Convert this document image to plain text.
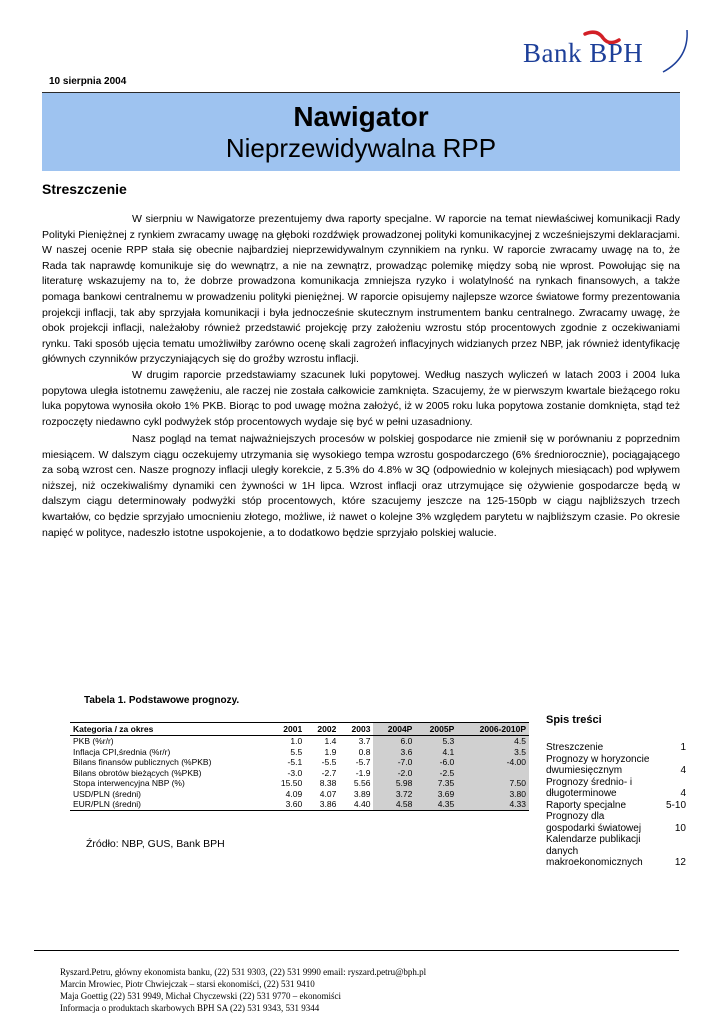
Bank BPH
10 sierpnia 2004
Nawigator
Nieprzewidywalna RPP
Streszczenie

W sierpniu w Nawigatorze prezentujemy dwa raporty specjalne. W raporcie na temat niewłaściwej komunikacji Rady Polityki Pieniężnej z rynkiem zwracamy uwagę na głęboki rozdźwięk prowadzonej polityki komunikacyjnej z wcześniejszymi deklaracjami. W naszej ocenie RPP stała się obecnie najbardziej nieprzewidywalnym czynnikiem na rynku. W raporcie zwracamy uwagę na to, że Rada tak naprawdę komunikuje się do wewnątrz, a nie na zewnątrz, prowadząc polemikę między sobą nie wprost. Powołując się na literaturę wskazujemy na to, że dobrze prowadzona komunikacja zmniejsza ryzyko i wolatylność na rynkach finansowych, a także pomaga bankowi centralnemu w prowadzeniu polityki pieniężnej. W raporcie opisujemy najlepsze wzorce światowe formy prezentowania projekcji inflacji, tak aby sprzyjała komunikacji i była jednocześnie skutecznym instrumentem banku centralnego. Zwracamy uwagę, że obok projekcji inflacji, należałoby również przedstawić projekcję przy założeniu wzrostu stóp procentowych zgodnie z oczekiwaniami rynku. Taki sposób ujęcia tematu umożliwiłby zarówno ocenę skali zagrożeń inflacyjnych widzianych przez NBP, jak również identyfikację głównych czynników przyczyniających się do groźby wzrostu inflacji.

W drugim raporcie przedstawiamy szacunek luki popytowej. Według naszych wyliczeń w latach 2003 i 2004 luka popytowa uległa istotnemu zawężeniu, ale raczej nie została całkowicie zamknięta. Szacujemy, że w pierwszym kwartale bieżącego roku luka popytowa wynosiła około 1% PKB. Biorąc to pod uwagę można założyć, iż w 2005 roku luka popytowa zostanie domknięta, stąd też rozpoczęty niedawno cykl podwyżek stóp procentowych wydaje się być w pełni uzasadniony.

Nasz pogląd na temat najważniejszych procesów w polskiej gospodarce nie zmienił się w porównaniu z poprzednim miesiącem. W dalszym ciągu oczekujemy utrzymania się wysokiego tempa wzrostu gospodarczego (6% średniorocznie), pociągającego za sobą wzrost cen. Nasze prognozy inflacji uległy korekcie, z 5.3% do 4.8% w 3Q (odpowiednio w kolejnych miesiącach) pod wpływem niższej, niż oczekiwaliśmy dynamiki cen żywności w 1H lipca. Wzrost inflacji oraz utrzymujące się ożywienie gospodarcze będą w dalszym ciągu determinowały podwyżki stóp procentowych, które szacujemy jeszcze na 125-150pb w ciągu najbliższych trzech kwartałów, co będzie sprzyjało umocnieniu złotego, możliwe, iż nawet o kolejne 3% względem parytetu w najbliższym czasie. Po okresie napięć w polityce, nadeszło istotne uspokojenie, a to dodatkowo będzie sprzyjało polskiej walucie.

Tabela 1. Podstawowe prognozy.
Kategoria / za okres	2001	2002	2003	2004P	2005P	2006-2010P
PKB (%r/r)	1.0	1.4	3.7	6.0	5.3	4.5
Inflacja CPI,średnia (%r/r)	5.5	1.9	0.8	3.6	4.1	3.5
Bilans finansów publicznych (%PKB)	-5.1	-5.5	-5.7	-7.0	-6.0	-4.00
Bilans obrotów bieżących (%PKB)	-3.0	-2.7	-1.9	-2.0	-2.5	
Stopa interwencyjna NBP (%)	15.50	8.38	5.56	5.98	7.35	7.50
USD/PLN (średni)	4.09	4.07	3.89	3.72	3.69	3.80
EUR/PLN (średni)	3.60	3.86	4.40	4.58	4.35	4.33
Źródło: NBP, GUS, Bank BPH
Spis treści
Streszczenie	1
Prognozy w horyzoncie dwumiesięcznym	4
Prognozy średnio- i długoterminowe	4
Raporty specjalne	5-10
Prognozy dla gospodarki światowej	10
Kalendarze publikacji danych makroekonomicznych	12
Ryszard.Petru, główny ekonomista banku, (22) 531 9303, (22) 531 9990 email: ryszard.petru@bph.pl
Marcin Mrowiec, Piotr Chwiejczak – starsi ekonomiści, (22) 531 9410
Maja Goettig (22) 531 9949, Michał Chyczewski (22) 531 9770 – ekonomiści
Informacja o produktach skarbowych BPH SA (22) 531 9343, 531 9344
